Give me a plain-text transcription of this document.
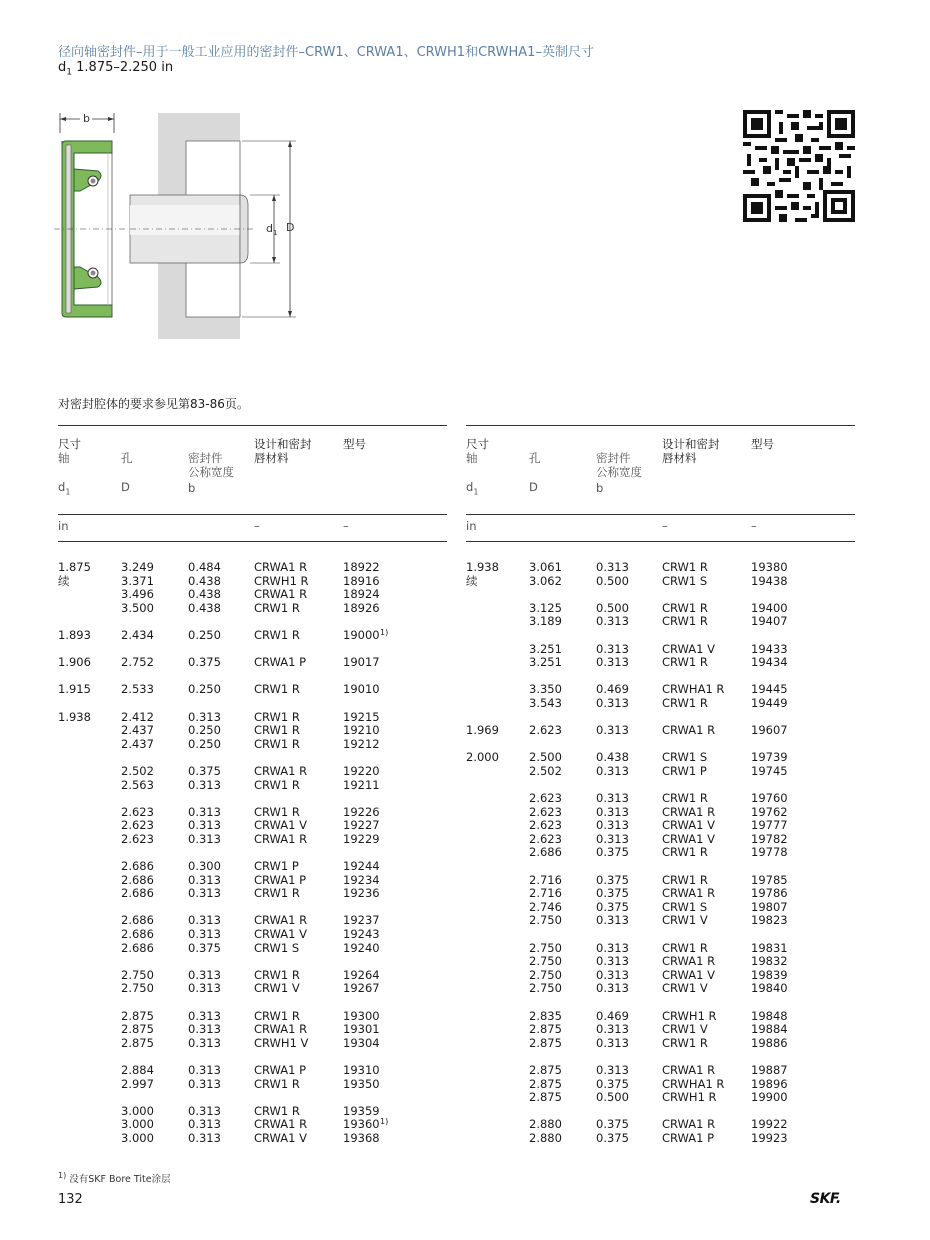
径向轴密封件–用于一般工业应用的密封件–CRW1、CRWA1、CRWH1和CRWHA1–英制尺寸
$d_1$ 1.875–2.250 in
b
$d_1$ D
对密封腔体的要求参见第83-86页。
尺寸
轴	孔	密封件
公称宽度
设计和密封
唇材料
型号
$d_1$	D	b
in	–	–
1.875	3.249	0.484	CRWA1 R	18922
续	3.371	0.438	CRWH1 R	18916
3.496	0.438	CRWA1 R	18924
3.500	0.438	CRW1 R	18926
1.893	2.434	0.250	CRW1 R	19000 1)
1.906	2.752	0.375	CRWA1 P	19017
1.915	2.533	0.250	CRW1 R	19010
1.938	2.412	0.313	CRW1 R	19215
2.437	0.250	CRW1 R	19210
2.437	0.250	CRW1 R	19212
2.502	0.375	CRWA1 R	19220
2.563	0.313	CRW1 R	19211
2.623	0.313	CRW1 R	19226
2.623	0.313	CRWA1 V	19227
2.623	0.313	CRWA1 R	19229
2.686	0.300	CRW1 P	19244
2.686	0.313	CRWA1 P	19234
2.686	0.313	CRW1 R	19236
2.686	0.313	CRWA1 R	19237
2.686	0.313	CRWA1 V	19243
2.686	0.375	CRW1 S	19240
2.750	0.313	CRW1 R	19264
2.750	0.313	CRW1 V	19267
2.875	0.313	CRW1 R	19300
2.875	0.313	CRWA1 R	19301
2.875	0.313	CRWH1 V	19304
2.884	0.313	CRWA1 P	19310
2.997	0.313	CRW1 R	19350
3.000	0.313	CRW1 R	19359
3.000	0.313	CRWA1 R	19360 1)
3.000	0.313	CRWA1 V	19368
尺寸
轴	孔	密封件
公称宽度
设计和密封
唇材料
型号
$d_1$	D	b
in	–	–
1.938	3.061	0.313	CRW1 R	19380
续	3.062	0.500	CRW1 S	19438
3.125	0.500	CRW1 R	19400
3.189	0.313	CRW1 R	19407
3.251	0.313	CRWA1 V	19433
3.251	0.313	CRW1 R	19434
3.350	0.469	CRWHA1 R 19445
3.543	0.313	CRW1 R	19449
1.969	2.623	0.313	CRWA1 R	19607
2.000	2.500	0.438	CRW1 S	19739
2.502	0.313	CRW1 P	19745
2.623	0.313	CRW1 R	19760
2.623	0.313	CRWA1 R	19762
2.623	0.313	CRWA1 V	19777
2.623	0.313	CRWA1 V	19782
2.686	0.375	CRW1 R	19778
2.716	0.375	CRW1 R	19785
2.716	0.375	CRWA1 R	19786
2.746	0.375	CRW1 S	19807
2.750	0.313	CRW1 V	19823
2.750	0.313	CRW1 R	19831
2.750	0.313	CRWA1 R	19832
2.750	0.313	CRWA1 V	19839
2.750	0.313	CRW1 V	19840
2.835	0.469	CRWH1 R	19848
2.875	0.313	CRW1 V	19884
2.875	0.313	CRW1 R	19886
2.875	0.313	CRWA1 R	19887
2.875	0.375	CRWHA1 R 19896
2.875	0.500	CRWH1 R	19900
2.880	0.375	CRWA1 R	19922
2.880	0.375	CRWA1 P	19923
$^{1)}$ 没有SKF Bore Tite涂层
132	SKF.
